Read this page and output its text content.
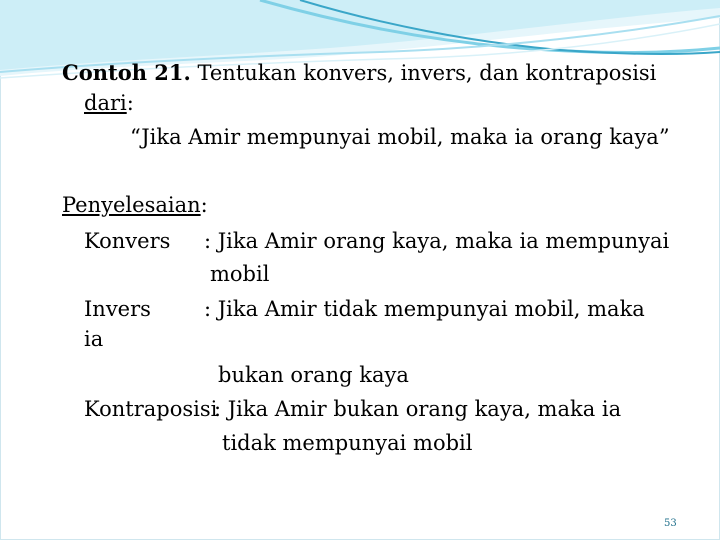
Contoh 21. Tentukan konvers, invers, dan kontraposisi
dari:
“Jika Amir mempunyai mobil, maka ia orang kaya”
Penyelesaian:
Konvers : Jika Amir orang kaya, maka ia mempunyai
mobil
Invers	: Jika Amir tidak mempunyai mobil, maka
ia
bukan orang kaya
Kontraposisi
: Jika Amir bukan orang kaya, maka ia
tidak mempunyai mobil
53
